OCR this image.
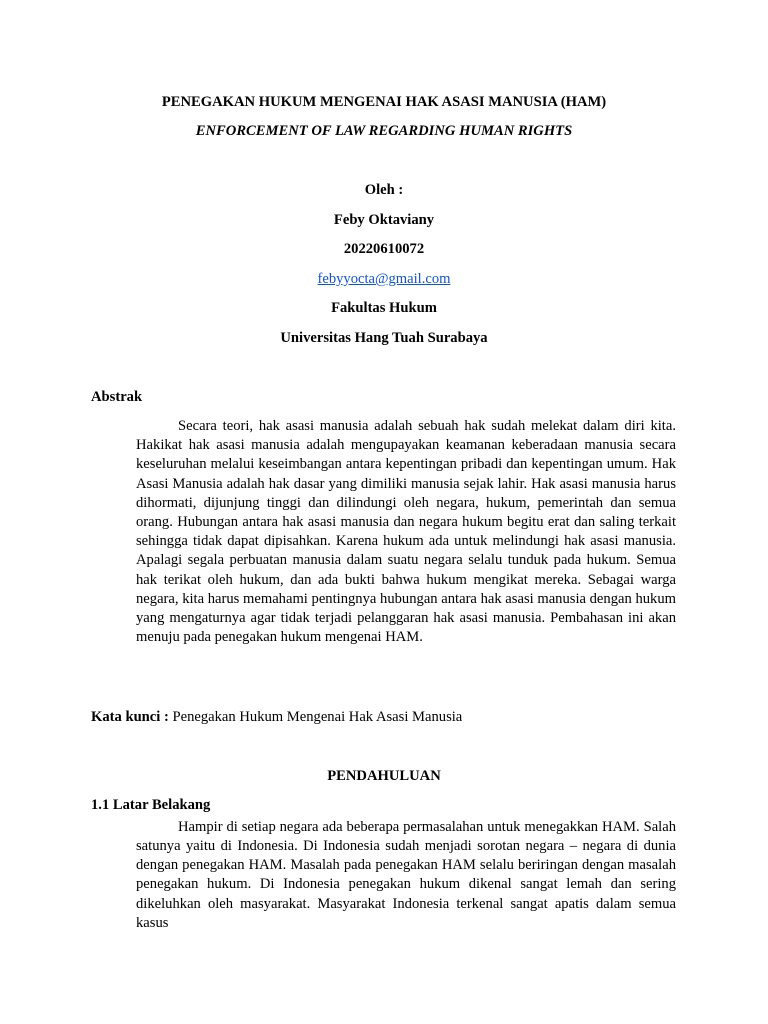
PENEGAKAN HUKUM MENGENAI HAK ASASI MANUSIA (HAM)
ENFORCEMENT OF LAW REGARDING HUMAN RIGHTS
Oleh :
Feby Oktaviany
20220610072
febyyocta@gmail.com
Fakultas Hukum
Universitas Hang Tuah Surabaya
Abstrak
Secara teori, hak asasi manusia adalah sebuah hak sudah melekat dalam diri kita. Hakikat hak asasi manusia adalah mengupayakan keamanan keberadaan manusia secara keseluruhan melalui keseimbangan antara kepentingan pribadi dan kepentingan umum. Hak Asasi Manusia adalah hak dasar yang dimiliki manusia sejak lahir. Hak asasi manusia harus dihormati, dijunjung tinggi dan dilindungi oleh negara, hukum, pemerintah dan semua orang. Hubungan antara hak asasi manusia dan negara hukum begitu erat dan saling terkait sehingga tidak dapat dipisahkan. Karena hukum ada untuk melindungi hak asasi manusia. Apalagi segala perbuatan manusia dalam suatu negara selalu tunduk pada hukum. Semua hak terikat oleh hukum, dan ada bukti bahwa hukum mengikat mereka. Sebagai warga negara, kita harus memahami pentingnya hubungan antara hak asasi manusia dengan hukum yang mengaturnya agar tidak terjadi pelanggaran hak asasi manusia. Pembahasan ini akan menuju pada penegakan hukum mengenai HAM.
Kata kunci : Penegakan Hukum Mengenai Hak Asasi Manusia
PENDAHULUAN
1.1 Latar Belakang
Hampir di setiap negara ada beberapa permasalahan untuk menegakkan HAM. Salah
satunya yaitu di Indonesia. Di Indonesia sudah menjadi sorotan negara – negara di dunia dengan penegakan HAM. Masalah pada penegakan HAM selalu beriringan dengan masalah penegakan hukum. Di Indonesia penegakan hukum dikenal sangat lemah dan sering dikeluhkan oleh masyarakat. Masyarakat Indonesia terkenal sangat apatis dalam semua kasus
